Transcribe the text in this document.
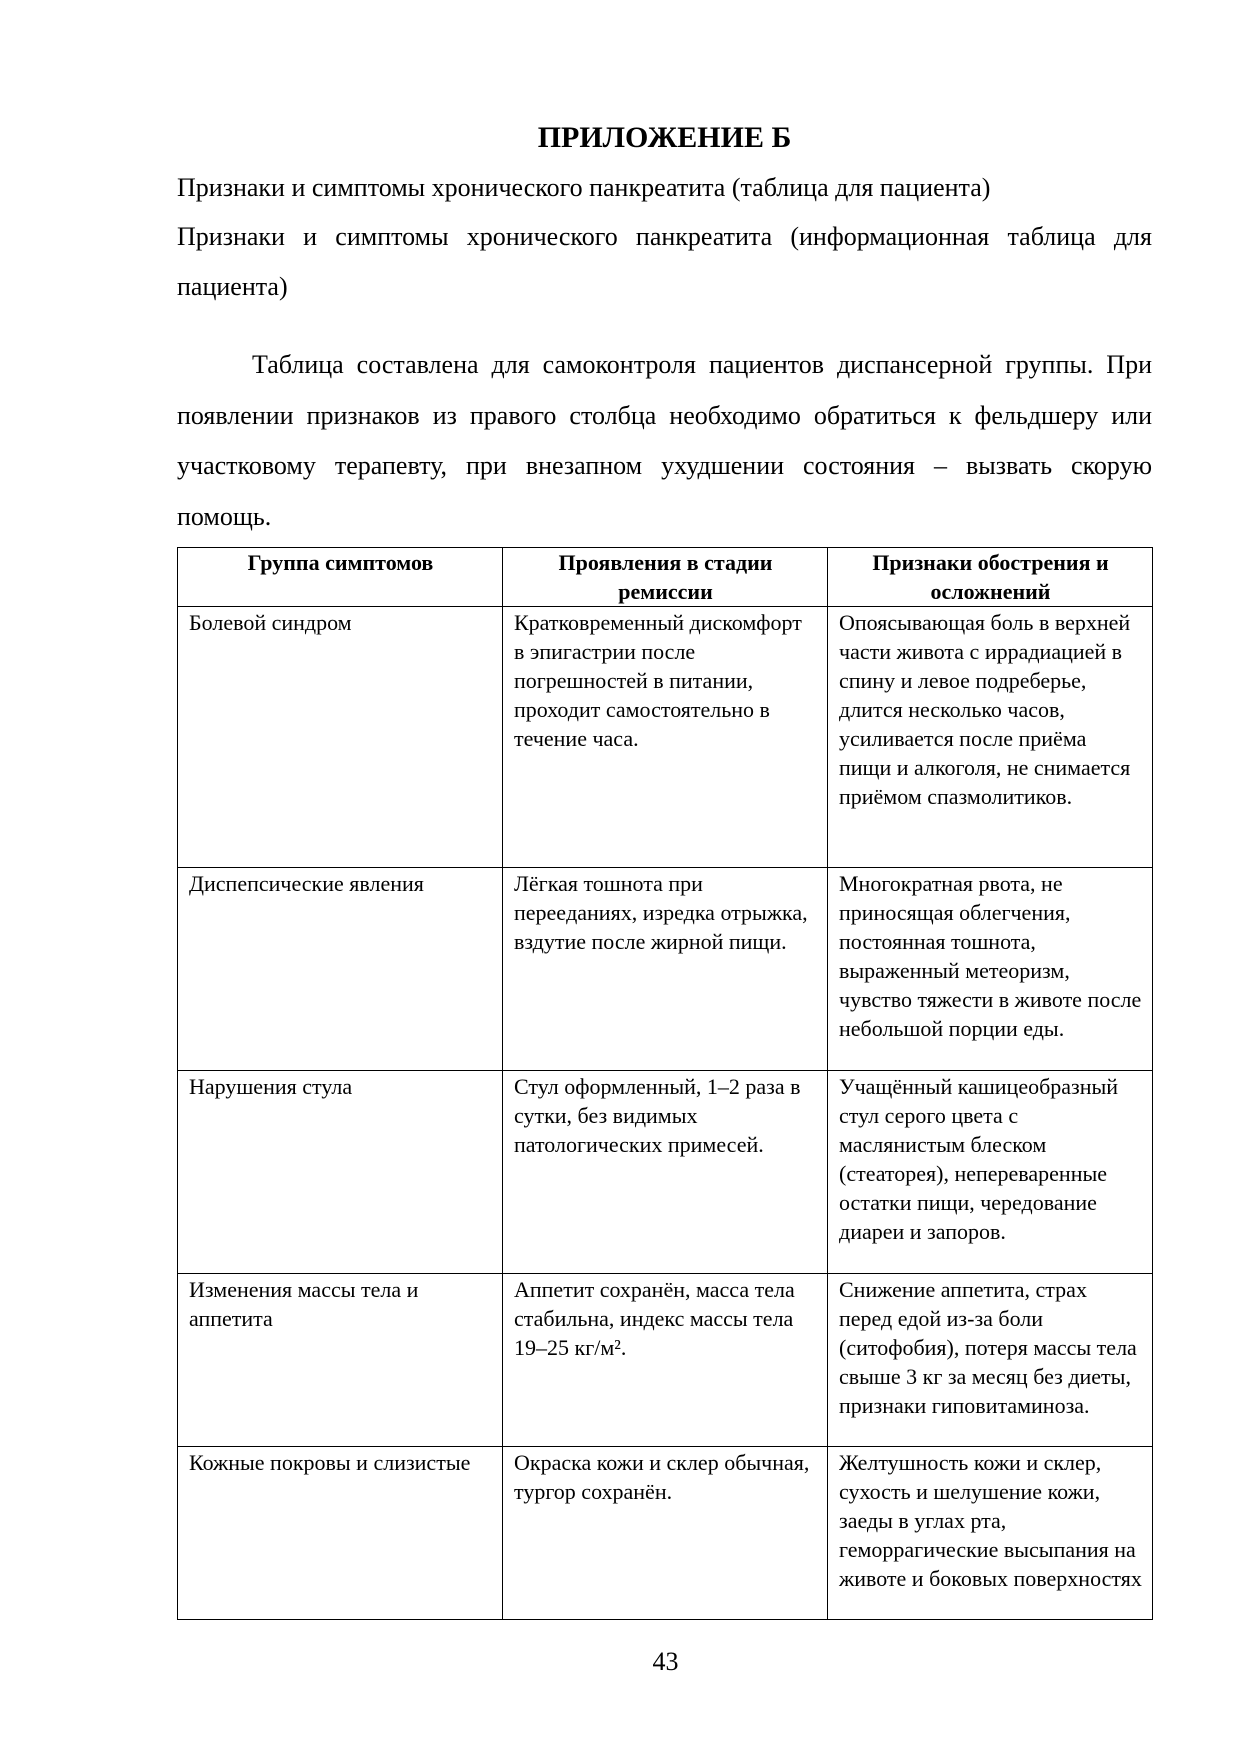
ПРИЛОЖЕНИЕ Б

Признаки и симптомы хронического панкреатита (таблица для пациента)

Признаки и симптомы хронического панкреатита (информационная таблица для пациента)

Таблица составлена для самоконтроля пациентов диспансерной группы. При появлении признаков из правого столбца необходимо обратиться к фельдшеру или участковому терапевту, при внезапном ухудшении состояния – вызвать скорую помощь.

Группа симптомов	Проявления в стадии ремиссии	Признаки обострения и осложнений
Болевой синдром	Кратковременный дискомфорт в эпигастрии после погрешностей в питании, проходит самостоятельно в течение часа.	Опоясывающая боль в верхней части живота с иррадиацией в спину и левое подреберье, длится несколько часов, усиливается после приёма пищи и алкоголя, не снимается приёмом спазмолитиков.
Диспепсические явления	Лёгкая тошнота при переeданиях, изредка отрыжка, вздутие после жирной пищи.	Многократная рвота, не приносящая облегчения, постоянная тошнота, выраженный метеоризм, чувство тяжести в животе после небольшой порции еды.
Нарушения стула	Стул оформленный, 1–2 раза в сутки, без видимых патологических примесей.	Учащённый кашицеобразный стул серого цвета с маслянистым блеском (стеаторея), непереваренные остатки пищи, чередование диареи и запоров.
Изменения массы тела и аппетита	Аппетит сохранён, масса тела стабильна, индекс массы тела 19–25 кг/м².	Снижение аппетита, страх перед едой из-за боли (ситофобия), потеря массы тела свыше 3 кг за месяц без диеты, признаки гиповитаминоза.
Кожные покровы и слизистые	Окраска кожи и склер обычная, тургор сохранён.	Желтушность кожи и склер, сухость и шелушение кожи, заеды в углах рта, геморрагические высыпания на животе и боковых поверхностях

43
